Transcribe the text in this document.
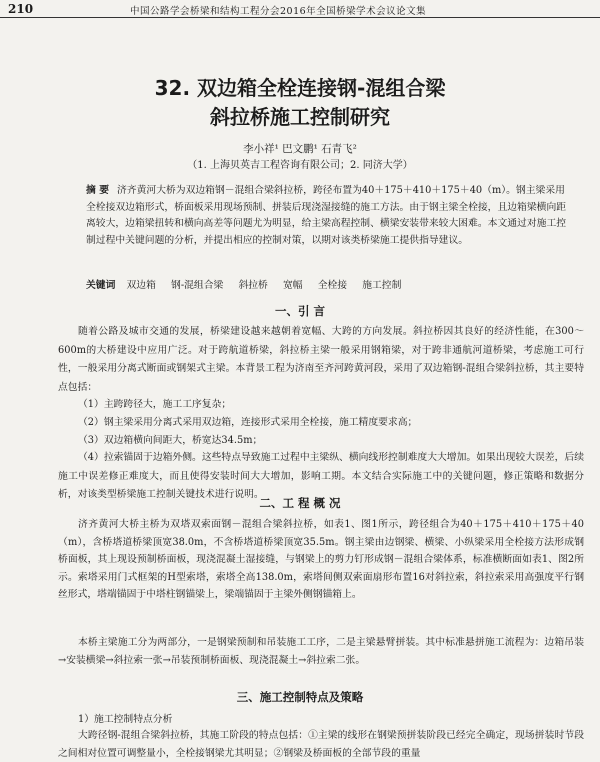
210	中国公路学会桥梁和结构工程分会2016年全国桥梁学术会议论文集
32. 双边箱全栓连接钢-混组合梁
斜拉桥施工控制研究
李小祥¹ 巴文鹏¹ 石青飞²
（1. 上海贝英吉工程咨询有限公司；2. 同济大学）

摘 要 济齐黄河大桥为双边箱钢－混组合梁斜拉桥，跨径布置为40＋175＋410＋175＋40（m）。钢主梁采用全栓接双边箱形式，桥面板采用现场预制、拼装后现浇湿接缝的施工方法。由于钢主梁全栓接，且边箱梁横向距离较大，边箱梁扭转和横向高差等问题尤为明显，给主梁高程控制、横梁安装带来较大困难。本文通过对施工控制过程中关键问题的分析，并提出相应的控制对策，以期对该类桥梁施工提供指导建议。

关键词 双边箱 钢-混组合梁 斜拉桥 宽幅 全栓接 施工控制
一、引 言

随着公路及城市交通的发展，桥梁建设越来越朝着宽幅、大跨的方向发展。斜拉桥因其良好的经济性能，在300～600m的大桥建设中应用广泛。对于跨航道桥梁，斜拉桥主梁一般采用钢箱梁，对于跨非通航河道桥梁，考虑施工可行性，一般采用分离式断面或钢架式主梁。本背景工程为济南至齐河跨黄河段，采用了双边箱钢-混组合梁斜拉桥，其主要特点包括：

（1）主跨跨径大，施工工序复杂；
（2）钢主梁采用分离式采用双边箱，连接形式采用全栓接，施工精度要求高；
（3）双边箱横向间距大，桥宽达34.5m；

（4）拉索锚固于边箱外侧。这些特点导致施工过程中主梁纵、横向线形控制难度大大增加。如果出现较大误差，后续施工中误差修正难度大，而且使得安装时间大大增加，影响工期。本文结合实际施工中的关键问题，修正策略和数据分析，对该类型桥梁施工控制关键技术进行说明。

二、工 程 概 况

济齐黄河大桥主桥为双塔双索面钢－混组合梁斜拉桥，如表1、图1所示，跨径组合为40＋175＋410＋175＋40（m），含桥塔道桥梁顶宽38.0m，不含桥塔道桥梁顶宽35.5m。钢主梁由边钢梁、横梁、小纵梁采用全栓接方法形成钢桥面板，其上现设预制桥面板，现浇混凝土湿接缝，与钢梁上的剪力钉形成钢－混组合梁体系，标准横断面如表1、图2所示。索塔采用门式框架的H型索塔，索塔全高138.0m，索塔间侧双索面扇形布置16对斜拉索，斜拉索采用高强度平行钢丝形式，塔端锚固于中塔柱钢锚梁上，梁端锚固于主梁外侧钢锚箱上。

本桥主梁施工分为两部分，一是钢梁预制和吊装施工工序，二是主梁悬臂拼装。其中标准悬拼施工流程为：边箱吊装→安装横梁→斜拉索一张→吊装预制桥面板、现浇混凝土→斜拉索二张。

三、施工控制特点及策略
1）施工控制特点分析

大跨径钢-混组合梁斜拉桥，其施工阶段的特点包括：①主梁的线形在钢梁预拼装阶段已经完全确定，现场拼装时节段之间相对位置可调整量小，全栓接钢梁尤其明显；②钢梁及桥面板的全部节段的重量
